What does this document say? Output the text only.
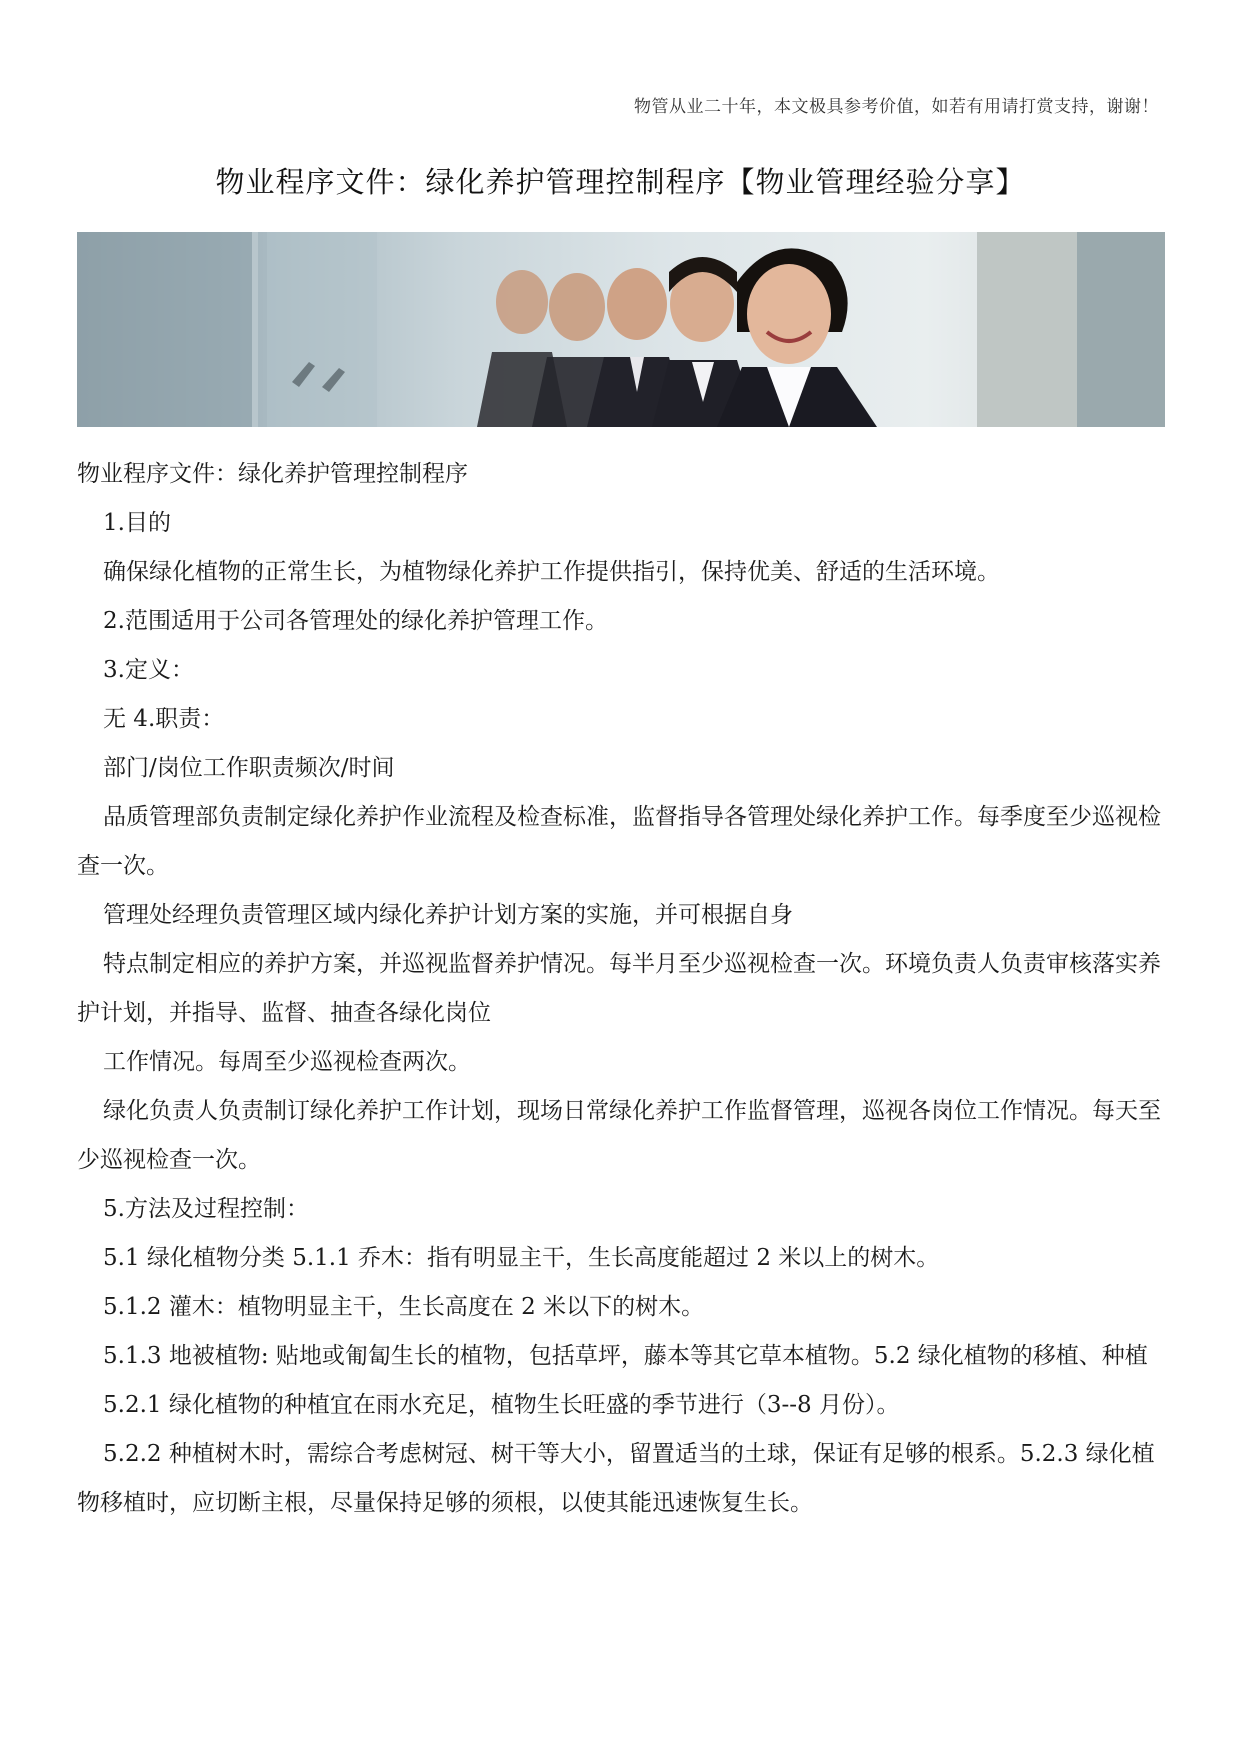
物管从业二十年，本文极具参考价值，如若有用请打赏支持，谢谢！
物业程序文件：绿化养护管理控制程序【物业管理经验分享】

物业程序文件：绿化养护管理控制程序

1.目的

确保绿化植物的正常生长，为植物绿化养护工作提供指引，保持优美、舒适的生活环境。

2.范围适用于公司各管理处的绿化养护管理工作。

3.定义：

无 4.职责：

部门/岗位工作职责频次/时间

品质管理部负责制定绿化养护作业流程及检查标准，监督指导各管理处绿化养护工作。每季度至少巡视检查一次。

管理处经理负责管理区域内绿化养护计划方案的实施，并可根据自身

特点制定相应的养护方案，并巡视监督养护情况。每半月至少巡视检查一次。环境负责人负责审核落实养护计划，并指导、监督、抽查各绿化岗位

工作情况。每周至少巡视检查两次。

绿化负责人负责制订绿化养护工作计划，现场日常绿化养护工作监督管理，巡视各岗位工作情况。每天至少巡视检查一次。

5.方法及过程控制：

5.1 绿化植物分类 5.1.1 乔木：指有明显主干，生长高度能超过 2 米以上的树木。

5.1.2 灌木：植物明显主干，生长高度在 2 米以下的树木。

5.1.3 地被植物: 贴地或匍匐生长的植物，包括草坪，藤本等其它草本植物。5.2 绿化植物的移植、种植

5.2.1 绿化植物的种植宜在雨水充足，植物生长旺盛的季节进行（3--8 月份）。

5.2.2 种植树木时，需综合考虑树冠、树干等大小，留置适当的土球，保证有足够的根系。5.2.3 绿化植物移植时，应切断主根，尽量保持足够的须根，以使其能迅速恢复生长。
